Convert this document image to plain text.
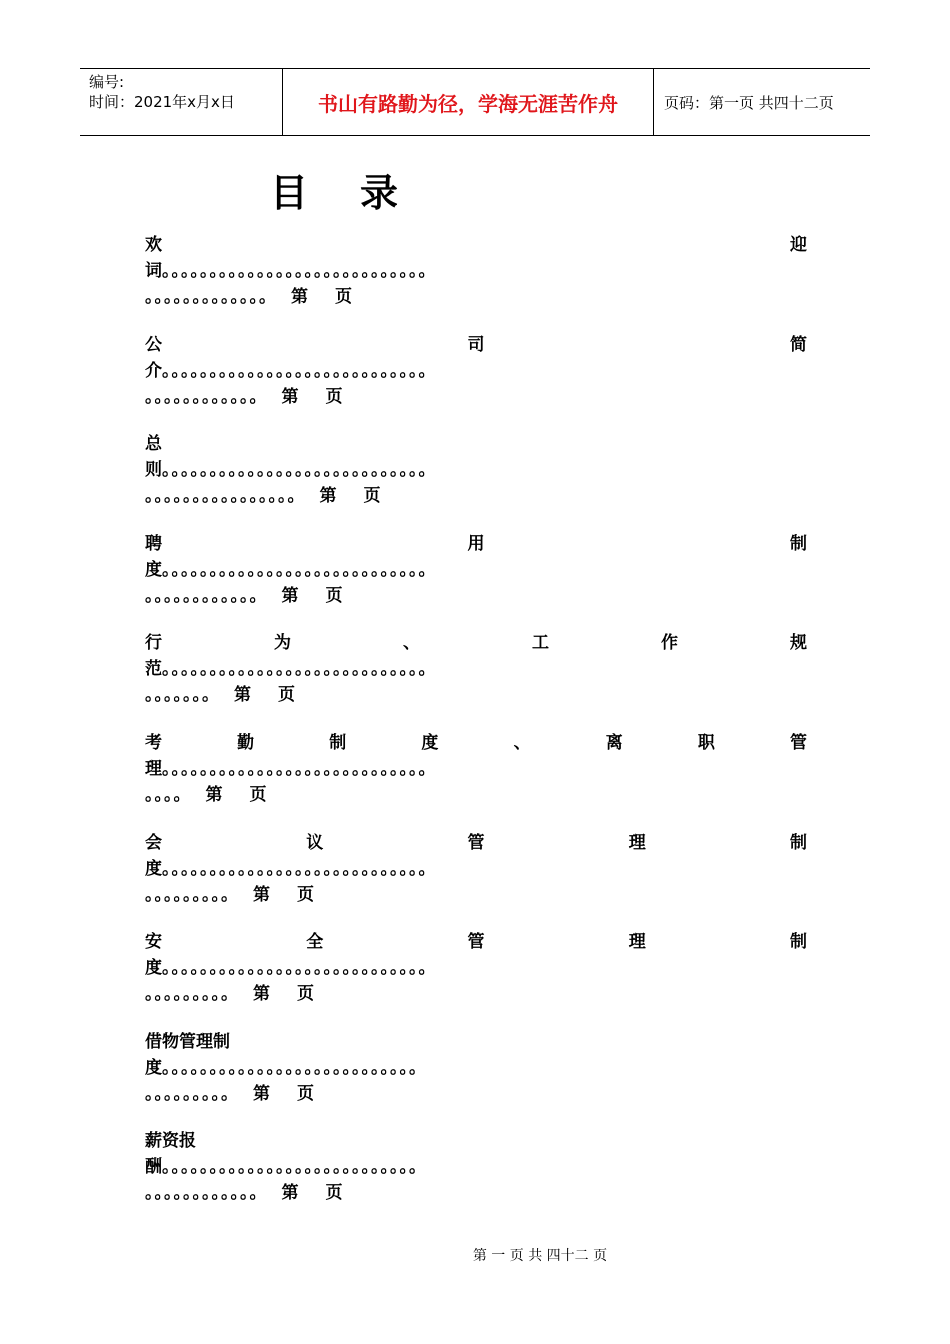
编号:
时间：2021年x月x日	书山有路勤为径，学海无涯苦作舟	页码：第一页 共四十二页
目录
欢	迎
词。。。。。。。。。。。。。。。。。。。。。。。。。。。。
。。。。。。。。。。。。。 第 页
公	司	简
介。。。。。。。。。。。。。。。。。。。。。。。。。。。。
。。。。。。。。。。。。 第 页
总
则。。。。。。。。。。。。。。。。。。。。。。。。。。。。
。。。。。。。。。。。。。。。。 第 页
聘	用	制
度。。。。。。。。。。。。。。。。。。。。。。。。。。。。
。。。。。。。。。。。。 第 页
行	为	、	工	作	规
范。。。。。。。。。。。。。。。。。。。。。。。。。。。。
。。。。。。。 第 页
考	勤	制	度	、	离	职	管
理。。。。。。。。。。。。。。。。。。。。。。。。。。。。
。。。。 第 页
会	议	管	理	制
度。。。。。。。。。。。。。。。。。。。。。。。。。。。。
。。。。。。。。。 第 页
安	全	管	理	制
度。。。。。。。。。。。。。。。。。。。。。。。。。。。。
。。。。。。。。。 第 页
借物管理制
度。。。。。。。。。。。。。。。。。。。。。。。。。。。
。。。。。。。。。 第 页
薪资报
酬。。。。。。。。。。。。。。。。。。。。。。。。。。。
。。。。。。。。。。。。 第 页
第 一 页 共 四十二 页
